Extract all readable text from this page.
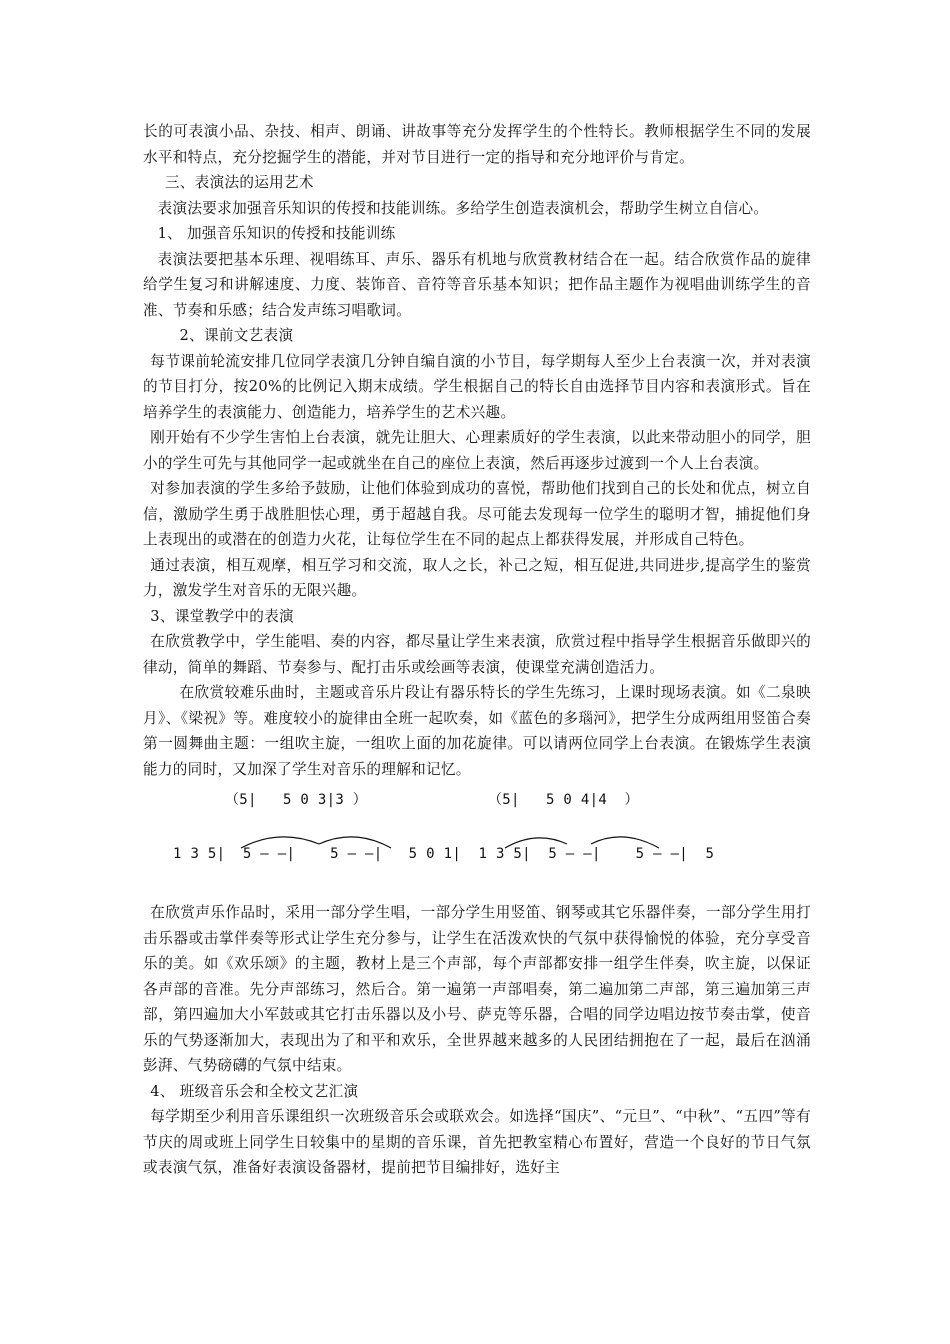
长的可表演小品、杂技、相声、朗诵、讲故事等充分发挥学生的个性特长。教师根据学生不同的发展水平和特点，充分挖掘学生的潜能，并对节目进行一定的指导和充分地评价与肯定。

三、表演法的运用艺术

表演法要求加强音乐知识的传授和技能训练。多给学生创造表演机会，帮助学生树立自信心。

1、 加强音乐知识的传授和技能训练

表演法要把基本乐理、视唱练耳、声乐、器乐有机地与欣赏教材结合在一起。结合欣赏作品的旋律给学生复习和讲解速度、力度、装饰音、音符等音乐基本知识；把作品主题作为视唱曲训练学生的音准、节奏和乐感；结合发声练习唱歌词。

2、课前文艺表演

每节课前轮流安排几位同学表演几分钟自编自演的小节目，每学期每人至少上台表演一次，并对表演的节目打分，按20%的比例记入期末成绩。学生根据自己的特长自由选择节目内容和表演形式。旨在培养学生的表演能力、创造能力，培养学生的艺术兴趣。

刚开始有不少学生害怕上台表演，就先让胆大、心理素质好的学生表演，以此来带动胆小的同学，胆小的学生可先与其他同学一起或就坐在自己的座位上表演，然后再逐步过渡到一个人上台表演。

对参加表演的学生多给予鼓励，让他们体验到成功的喜悦，帮助他们找到自己的长处和优点，树立自信，激励学生勇于战胜胆怯心理，勇于超越自我。尽可能去发现每一位学生的聪明才智，捕捉他们身上表现出的或潜在的创造力火花，让每位学生在不同的起点上都获得发展，并形成自己特色。

通过表演，相互观摩，相互学习和交流，取人之长，补己之短，相互促进,共同进步,提高学生的鉴赏力，激发学生对音乐的无限兴趣。

3、课堂教学中的表演

在欣赏教学中，学生能唱、奏的内容，都尽量让学生来表演，欣赏过程中指导学生根据音乐做即兴的律动，简单的舞蹈、节奏参与、配打击乐或绘画等表演，使课堂充满创造活力。

在欣赏较难乐曲时，主题或音乐片段让有器乐特长的学生先练习，上课时现场表演。如《二泉映月》、《梁祝》等。难度较小的旋律由全班一起吹奏，如《蓝色的多瑙河》，把学生分成两组用竖笛合奏第一圆舞曲主题：一组吹主旋，一组吹上面的加花旋律。可以请两位同学上台表演。在锻炼学生表演能力的同时，又加深了学生对音乐的理解和记忆。

（5|   5 0 3|3 ）	（5|   5 0 4|4  ）
1 3 5|  5 – –|    5 – –|   5 0 1|  1 3 5|  5 – –|    5 – –|  5

在欣赏声乐作品时，采用一部分学生唱，一部分学生用竖笛、钢琴或其它乐器伴奏，一部分学生用打击乐器或击掌伴奏等形式让学生充分参与，让学生在活泼欢快的气氛中获得愉悦的体验，充分享受音乐的美。如《欢乐颂》的主题，教材上是三个声部，每个声部都安排一组学生伴奏，吹主旋，以保证各声部的音准。先分声部练习，然后合。第一遍第一声部唱奏，第二遍加第二声部，第三遍加第三声部，第四遍加大小军鼓或其它打击乐器以及小号、萨克等乐器，合唱的同学边唱边按节奏击掌，使音乐的气势逐渐加大，表现出为了和平和欢乐，全世界越来越多的人民团结拥抱在了一起，最后在汹涌彭湃、气势磅礴的气氛中结束。

4、 班级音乐会和全校文艺汇演

每学期至少利用音乐课组织一次班级音乐会或联欢会。如选择“国庆”、“元旦”、“中秋”、“五四”等有节庆的周或班上同学生日较集中的星期的音乐课，首先把教室精心布置好，营造一个良好的节日气氛或表演气氛，准备好表演设备器材，提前把节目编排好，选好主
